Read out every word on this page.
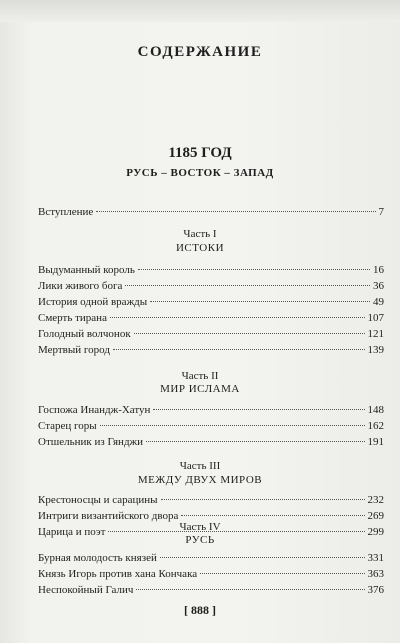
СОДЕРЖАНИЕ
1185 ГОД
РУСЬ – ВОСТОК – ЗАПАД
Вступление	7
Часть I
ИСТОКИ
Выдуманный король	16
Лики живого бога	36
История одной вражды	49
Смерть тирана	107
Голодный волчонок	121
Мертвый город	139
Часть II
МИР ИСЛАМА
Госпожа Инандж-Хатун	148
Старец горы	162
Отшельник из Гянджи	191
Часть III
МЕЖДУ ДВУХ МИРОВ
Крестоносцы и сарацины	232
Интриги византийского двора	269
Царица и поэт	299
Часть IV
[ 888 ]
РУСЬ
Бурная молодость князей	331
Князь Игорь против хана Кончака	363
Неспокойный Галич	376
